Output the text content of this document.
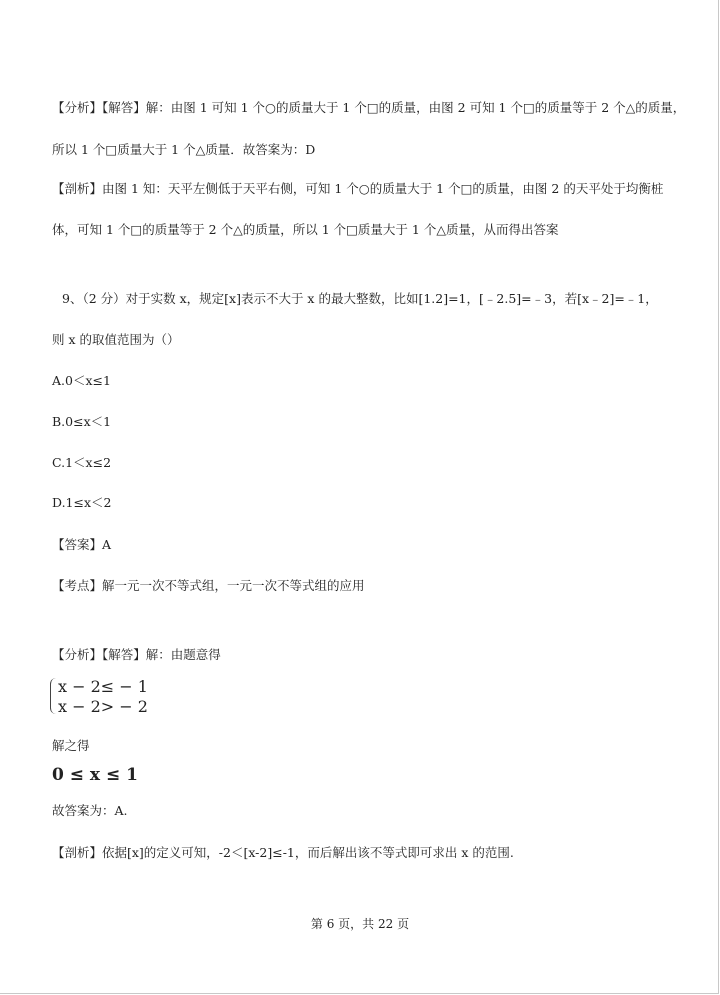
【分析】【解答】解：由图 1 可知 1 个○的质量大于 1 个□的质量，由图 2 可知 1 个□的质量等于 2 个△的质量，
所以 1 个□质量大于 1 个△质量．故答案为：D
【剖析】由图 1 知：天平左侧低于天平右侧，可知 1 个○的质量大于 1 个□的质量，由图 2 的天平处于均衡桩
体，可知 1 个□的质量等于 2 个△的质量，所以 1 个□质量大于 1 个△质量，从而得出答案
9、（2 分）对于实数 x，规定[x]表示不大于 x 的最大整数，比如[1.2]=1，[﹣2.5]=﹣3，若[x﹣2]=﹣1，
则 x 的取值范围为（）
A.0＜x≤1
B.0≤x＜1
C.1＜x≤2
D.1≤x＜2
【答案】A
【考点】解一元一次不等式组，一元一次不等式组的应用
【分析】【解答】解：由题意得
x − 2≤ − 1
x − 2> − 2
解之得
0 ≤ x ≤ 1
故答案为：A.
【剖析】依据[x]的定义可知，-2＜[x-2]≤-1，而后解出该不等式即可求出 x 的范围.
第 6 页，共 22 页
